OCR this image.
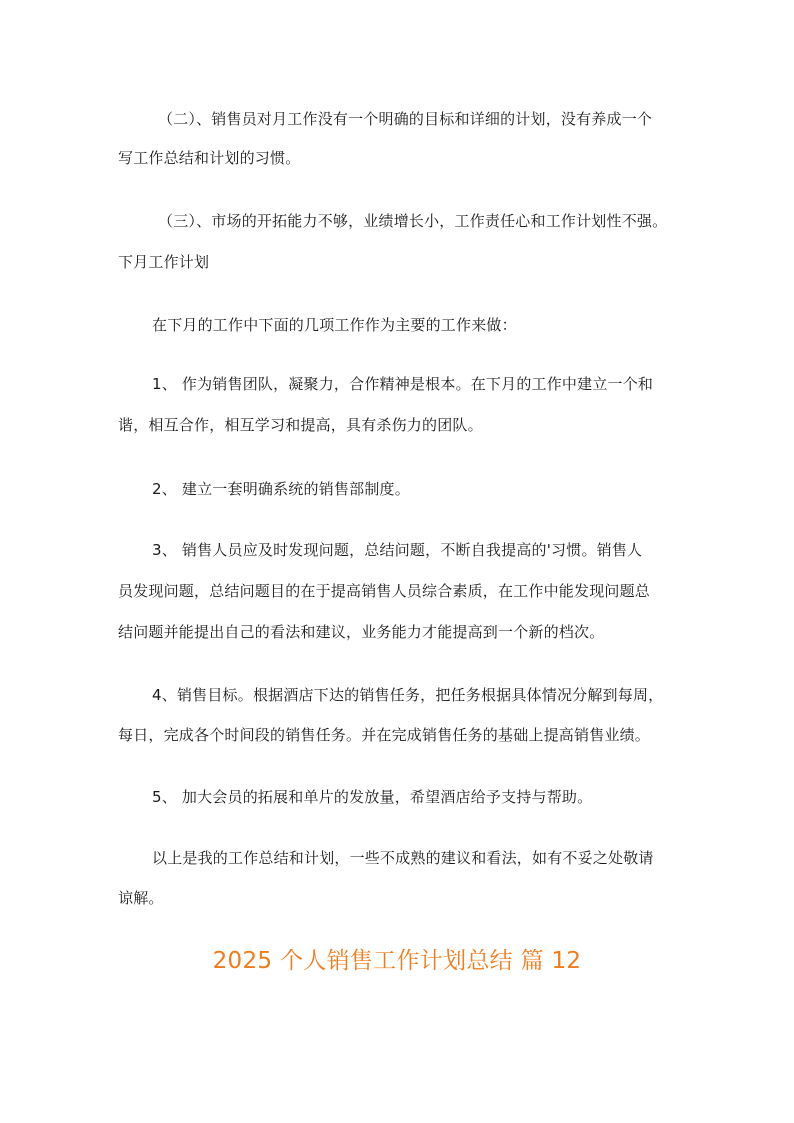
（二）、销售员对月工作没有一个明确的目标和详细的计划，没有养成一个
写工作总结和计划的习惯。
（三）、市场的开拓能力不够，业绩增长小，工作责任心和工作计划性不强。
下月工作计划
在下月的工作中下面的几项工作作为主要的工作来做：
1、 作为销售团队，凝聚力，合作精神是根本。在下月的工作中建立一个和
谐，相互合作，相互学习和提高，具有杀伤力的团队。
2、 建立一套明确系统的销售部制度。
3、 销售人员应及时发现问题，总结问题，不断自我提高的'习惯。销售人
员发现问题，总结问题目的在于提高销售人员综合素质，在工作中能发现问题总
结问题并能提出自己的看法和建议，业务能力才能提高到一个新的档次。
4、销售目标。根据酒店下达的销售任务，把任务根据具体情况分解到每周，
每日，完成各个时间段的销售任务。并在完成销售任务的基础上提高销售业绩。
5、 加大会员的拓展和单片的发放量，希望酒店给予支持与帮助。
以上是我的工作总结和计划，一些不成熟的建议和看法，如有不妥之处敬请
谅解。
2025 个人销售工作计划总结 篇 12
